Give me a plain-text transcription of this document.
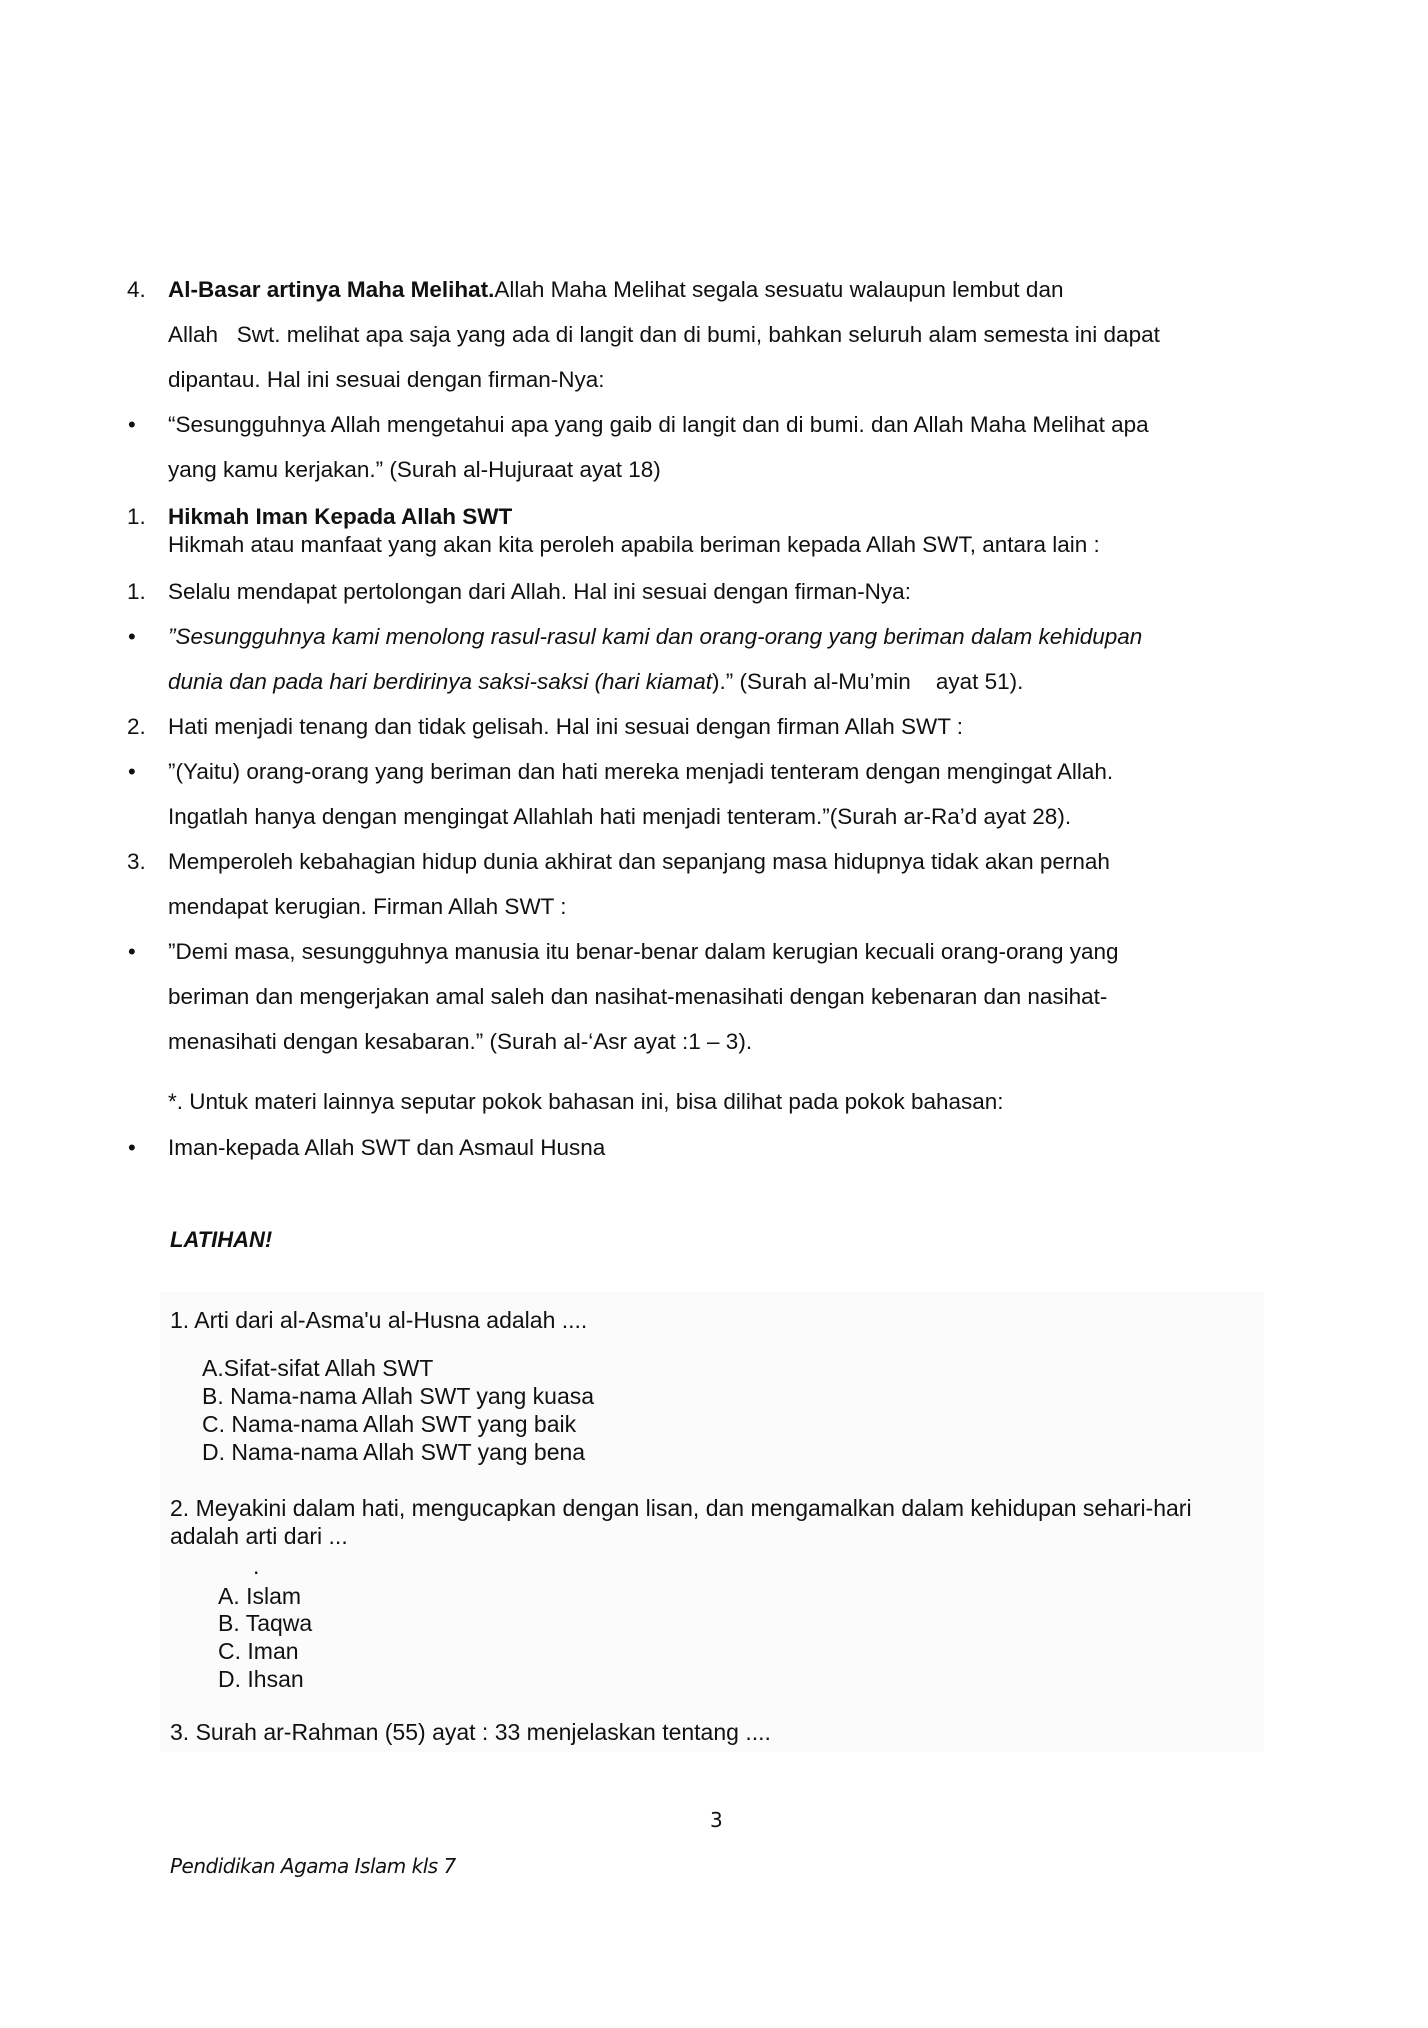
4. Al-Basar artinya Maha Melihat.Allah Maha Melihat segala sesuatu walaupun lembut dan
Allah   Swt. melihat apa saja yang ada di langit dan di bumi, bahkan seluruh alam semesta ini dapat
dipantau. Hal ini sesuai dengan firman-Nya:
• “Sesungguhnya Allah mengetahui apa yang gaib di langit dan di bumi. dan Allah Maha Melihat apa
yang kamu kerjakan.” (Surah al-Hujuraat ayat 18)
1. Hikmah Iman Kepada Allah SWT
Hikmah atau manfaat yang akan kita peroleh apabila beriman kepada Allah SWT, antara lain :
1. Selalu mendapat pertolongan dari Allah. Hal ini sesuai dengan firman-Nya:
• ”Sesungguhnya kami menolong rasul-rasul kami dan orang-orang yang beriman dalam kehidupan
dunia dan pada hari berdirinya saksi-saksi (hari kiamat).” (Surah al-Mu’min    ayat 51).
2. Hati menjadi tenang dan tidak gelisah. Hal ini sesuai dengan firman Allah SWT :
• ”(Yaitu) orang-orang yang beriman dan hati mereka menjadi tenteram dengan mengingat Allah.
Ingatlah hanya dengan mengingat Allahlah hati menjadi tenteram.”(Surah ar-Ra’d ayat 28).
3. Memperoleh kebahagian hidup dunia akhirat dan sepanjang masa hidupnya tidak akan pernah
mendapat kerugian. Firman Allah SWT :
• ”Demi masa, sesungguhnya manusia itu benar-benar dalam kerugian kecuali orang-orang yang
beriman dan mengerjakan amal saleh dan nasihat-menasihati dengan kebenaran dan nasihat-
menasihati dengan kesabaran.” (Surah al-‘Asr ayat :1 – 3).
*. Untuk materi lainnya seputar pokok bahasan ini, bisa dilihat pada pokok bahasan:
• Iman-kepada Allah SWT dan Asmaul Husna
LATIHAN!
1. Arti dari al-Asma'u al-Husna adalah ....
A.Sifat-sifat Allah SWT
B. Nama-nama Allah SWT yang kuasa
C. Nama-nama Allah SWT yang baik
D. Nama-nama Allah SWT yang bena
2. Meyakini dalam hati, mengucapkan dengan lisan, dan mengamalkan dalam kehidupan sehari-hari
adalah arti dari ...
.
A. Islam
B. Taqwa
C. Iman
D. Ihsan
3. Surah ar-Rahman (55) ayat : 33 menjelaskan tentang ....
3
Pendidikan Agama Islam kls 7
